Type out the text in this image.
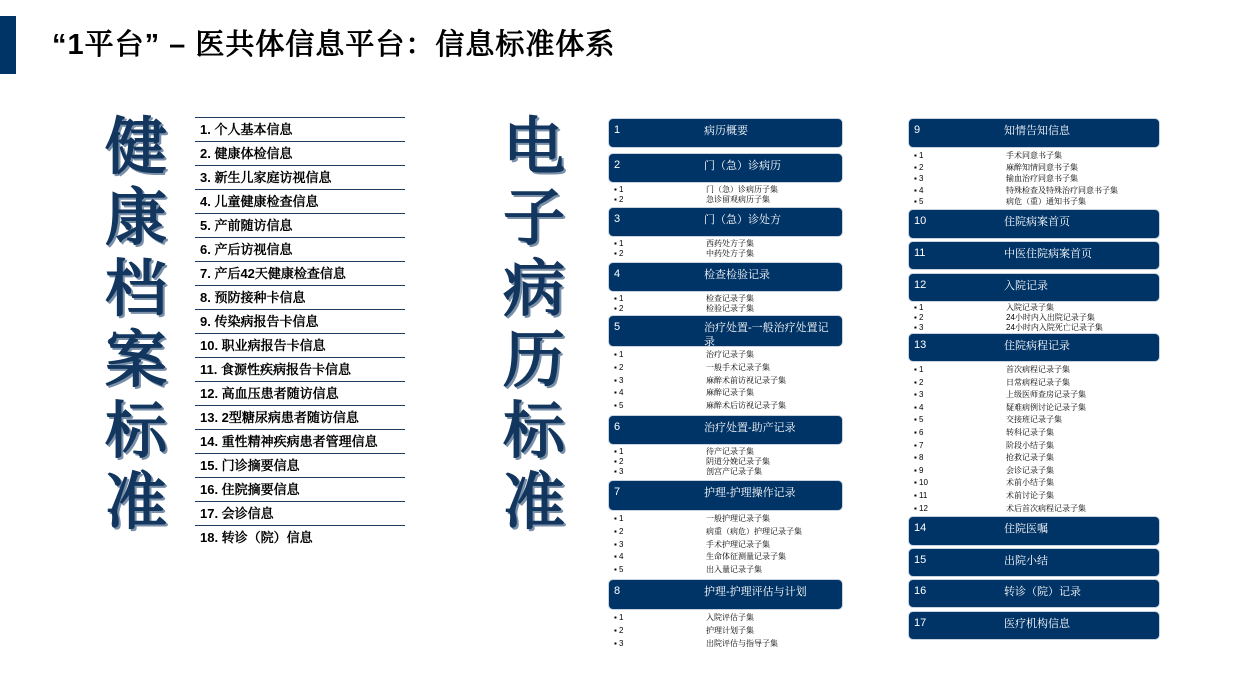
“1平台” – 医共体信息平台：信息标准体系
健
康
档
案
标
准
电
子
病
历
标
准
1. 个人基本信息
2. 健康体检信息
3. 新生儿家庭访视信息
4. 儿童健康检查信息
5. 产前随访信息
6. 产后访视信息
7. 产后42天健康检查信息
8. 预防接种卡信息
9. 传染病报告卡信息
10. 职业病报告卡信息
11. 食源性疾病报告卡信息
12. 高血压患者随访信息
13. 2型糖尿病患者随访信息
14. 重性精神疾病患者管理信息
15. 门诊摘要信息
16. 住院摘要信息
17. 会诊信息
18. 转诊（院）信息
1	病历概要
2	门（急）诊病历
▪ 1	门（急）诊病历子集
▪ 2	急诊留观病历子集
3	门（急）诊处方
▪ 1	西药处方子集
▪ 2	中药处方子集
4	检查检验记录
▪ 1	检查记录子集
▪ 2	检验记录子集
5	治疗处置-一般治疗处置记录
▪ 1	治疗记录子集
▪ 2	一般手术记录子集
▪ 3	麻醉术前访视记录子集
▪ 4	麻醉记录子集
▪ 5	麻醉术后访视记录子集
6	治疗处置-助产记录
▪ 1	待产记录子集
▪ 2	阴道分娩记录子集
▪ 3	剖宫产记录子集
7	护理-护理操作记录
▪ 1	一般护理记录子集
▪ 2	病重（病危）护理记录子集
▪ 3	手术护理记录子集
▪ 4	生命体征测量记录子集
▪ 5	出入量记录子集
8	护理-护理评估与计划
▪ 1	入院评估子集
▪ 2	护理计划子集
▪ 3	出院评估与指导子集
9	知情告知信息
▪ 1	手术同意书子集
▪ 2	麻醉知情同意书子集
▪ 3	输血治疗同意书子集
▪ 4	特殊检查及特殊治疗同意书子集
▪ 5	病危（重）通知书子集
10	住院病案首页
11	中医住院病案首页
12	入院记录
▪ 1	入院记录子集
▪ 2	24小时内入出院记录子集
▪ 3	24小时内入院死亡记录子集
13	住院病程记录
▪ 1	首次病程记录子集
▪ 2	日常病程记录子集
▪ 3	上级医师查房记录子集
▪ 4	疑难病例讨论记录子集
▪ 5	交接班记录子集
▪ 6	转科记录子集
▪ 7	阶段小结子集
▪ 8	抢救记录子集
▪ 9	会诊记录子集
▪ 10	术前小结子集
▪ 11	术前讨论子集
▪ 12	术后首次病程记录子集
14	住院医嘱
15	出院小结
16	转诊（院）记录
17	医疗机构信息
